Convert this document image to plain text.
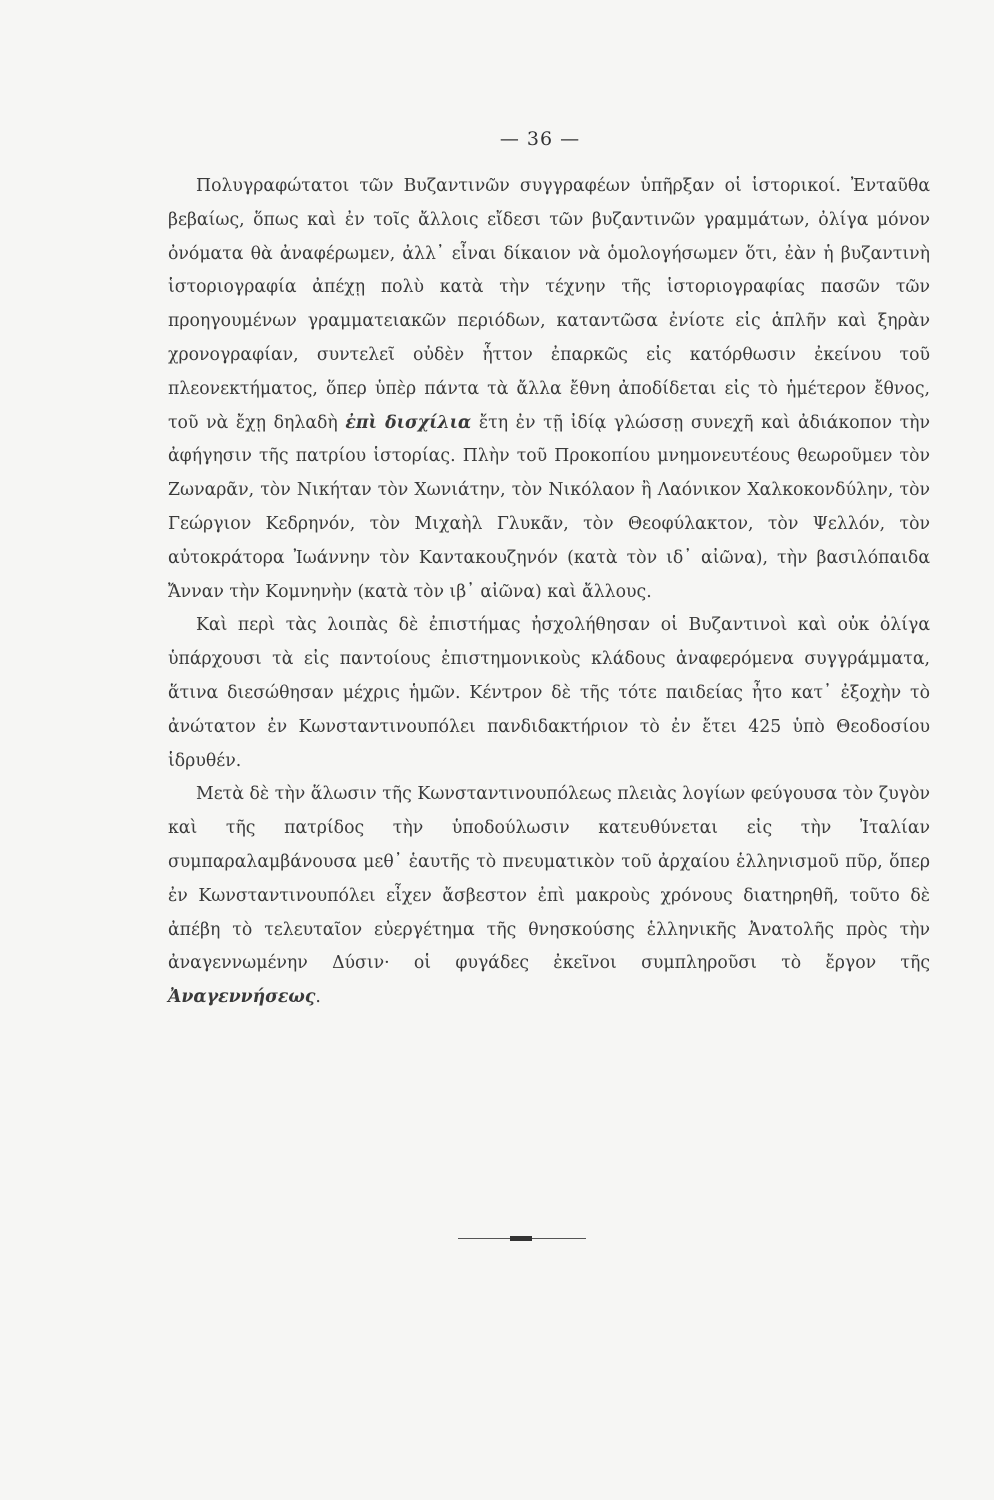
— 36 —

Πολυγραφώτατοι τῶν Βυζαντινῶν συγγραφέων ὑπῆρξαν οἱ ἱστορικοί. Ἐνταῦθα βεβαίως, ὅπως καὶ ἐν τοῖς ἄλλοις εἴδεσι τῶν βυζαντινῶν γραμμάτων, ὀλίγα μόνον ὀνόματα θὰ ἀναφέρωμεν, ἀλλ᾽ εἶναι δίκαιον νὰ ὁμολογήσωμεν ὅτι, ἐὰν ἡ βυζαντινὴ ἱστοριογραφία ἀπέχῃ πολὺ κατὰ τὴν τέχνην τῆς ἱστοριογραφίας πασῶν τῶν προηγουμένων γραμματειακῶν περιόδων, καταντῶσα ἐνίοτε εἰς ἁπλῆν καὶ ξηρὰν χρονογραφίαν, συντελεῖ οὐδὲν ἧττον ἐπαρκῶς εἰς κατόρθωσιν ἐκείνου τοῦ πλεονεκτήματος, ὅπερ ὑπὲρ πάντα τὰ ἄλλα ἔθνη ἀποδίδεται εἰς τὸ ἡμέτερον ἔθνος, τοῦ νὰ ἔχῃ δηλαδὴ ἐπὶ δισχίλια ἔτη ἐν τῇ ἰδίᾳ γλώσσῃ συνεχῆ καὶ ἀδιάκοπον τὴν ἀφήγησιν τῆς πατρίου ἱστορίας. Πλὴν τοῦ Προκοπίου μνημονευτέους θεωροῦμεν τὸν Ζωναρᾶν, τὸν Νικήταν τὸν Χωνιάτην, τὸν Νικόλαον ἢ Λαόνικον Χαλκοκονδύλην, τὸν Γεώργιον Κεδρηνόν, τὸν Μιχαὴλ Γλυκᾶν, τὸν Θεοφύλακτον, τὸν Ψελλόν, τὸν αὐτοκράτορα Ἰωάννην τὸν Καντακουζηνόν (κατὰ τὸν ιδ᾽ αἰῶνα), τὴν βασιλόπαιδα Ἄνναν τὴν Κομνηνὴν (κατὰ τὸν ιβ᾽ αἰῶνα) καὶ ἄλλους.

Καὶ περὶ τὰς λοιπὰς δὲ ἐπιστήμας ἠσχολήθησαν οἱ Βυζαντινοὶ καὶ οὐκ ὀλίγα ὑπάρχουσι τὰ εἰς παντοίους ἐπιστημονικοὺς κλάδους ἀναφερόμενα συγγράμματα, ἅτινα διεσώθησαν μέχρις ἡμῶν. Κέντρον δὲ τῆς τότε παιδείας ἦτο κατ᾽ ἐξοχὴν τὸ ἀνώτατον ἐν Κωνσταντινουπόλει πανδιδακτήριον τὸ ἐν ἔτει 425 ὑπὸ Θεοδοσίου ἱδρυθέν.

Μετὰ δὲ τὴν ἅλωσιν τῆς Κωνσταντινουπόλεως πλειὰς λογίων φεύγουσα τὸν ζυγὸν καὶ τῆς πατρίδος τὴν ὑποδούλωσιν κατευθύνεται εἰς τὴν Ἰταλίαν συμπαραλαμβάνουσα μεθ᾽ ἑαυτῆς τὸ πνευματικὸν τοῦ ἀρχαίου ἑλληνισμοῦ πῦρ, ὅπερ ἐν Κωνσταντινουπόλει εἶχεν ἄσβεστον ἐπὶ μακροὺς χρόνους διατηρηθῆ, τοῦτο δὲ ἀπέβη τὸ τελευταῖον εὐεργέτημα τῆς θνησκούσης ἑλληνικῆς Ἀνατολῆς πρὸς τὴν ἀναγεννωμένην Δύσιν· οἱ φυγάδες ἐκεῖνοι συμπληροῦσι τὸ ἔργον τῆς Ἀναγεννήσεως.
